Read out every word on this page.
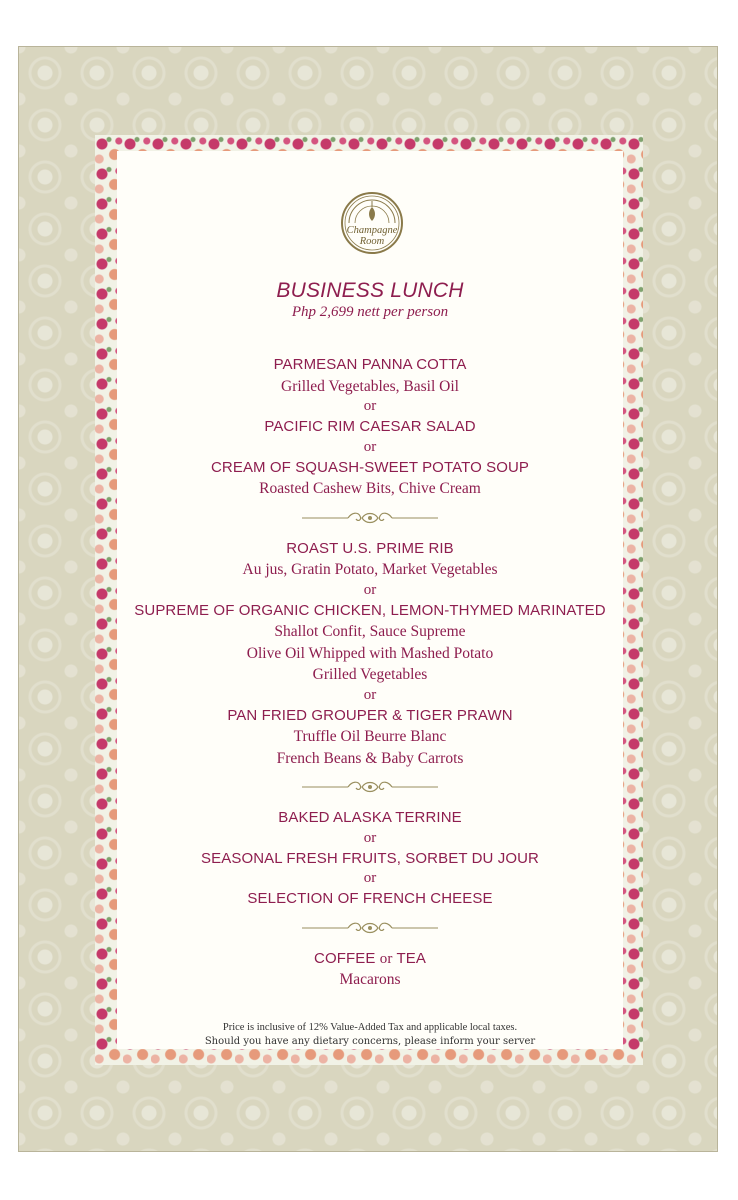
Champagne
Room
BUSINESS LUNCH
Php 2,699 nett per person
PARMESAN PANNA COTTA
Grilled Vegetables, Basil Oil
or
PACIFIC RIM CAESAR SALAD
or
CREAM OF SQUASH-SWEET POTATO SOUP
Roasted Cashew Bits, Chive Cream
ROAST U.S. PRIME RIB
Au jus, Gratin Potato, Market Vegetables
or
SUPREME OF ORGANIC CHICKEN, LEMON-THYMED MARINATED
Shallot Confit, Sauce Supreme
Olive Oil Whipped with Mashed Potato
Grilled Vegetables
or
PAN FRIED GROUPER & TIGER PRAWN
Truffle Oil Beurre Blanc
French Beans & Baby Carrots
BAKED ALASKA TERRINE
or
SEASONAL FRESH FRUITS, SORBET DU JOUR
or
SELECTION OF FRENCH CHEESE
COFFEE or TEA
Macarons
Price is inclusive of 12% Value-Added Tax and applicable local taxes.
Should you have any dietary concerns, please inform your server
